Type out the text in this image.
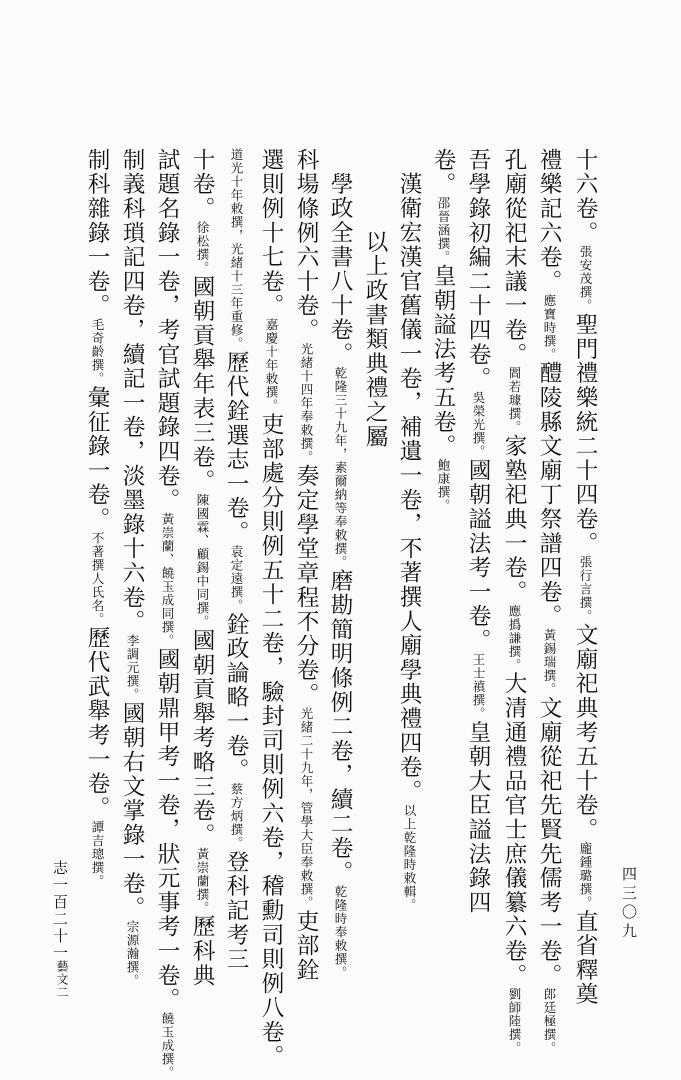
十六卷。張安茂撰。聖門禮樂統二十四卷。張行言撰。文廟祀典考五十卷。龐鍾璐撰。直省釋奠
禮樂記六卷。應寶時撰。醴陵縣文廟丁祭譜四卷。黃錫瑞撰。文廟從祀先賢先儒考一卷。郎廷極撰。
孔廟從祀末議一卷。閻若璩撰。家塾祀典一卷。應撝謙撰。大清通禮品官士庶儀纂六卷。劉師陸撰。
吾學錄初編二十四卷。吳榮光撰。國朝謚法考一卷。王士禛撰。皇朝大臣謚法錄四
卷。邵晉涵撰。皇朝謚法考五卷。鮑康撰。
漢衛宏漢官舊儀一卷，補遺一卷，不著撰人廟學典禮四卷。以上乾隆時敕輯。
以上政書類典禮之屬
學政全書八十卷。乾隆三十九年，素爾納等奉敕撰。磨勘簡明條例二卷，續二卷。乾隆時奉敕撰。
科場條例六十卷。光緒十四年奉敕撰。奏定學堂章程不分卷。光緒二十九年，管學大臣奉敕撰。吏部銓
選則例十七卷。嘉慶十年敕撰。吏部處分則例五十二卷，驗封司則例六卷，稽勳司則例八卷。
道光十年敕撰，光緒十三年重修。歷代銓選志一卷。袁定遠撰。銓政論略一卷。蔡方炳撰。登科記考三
十卷。徐松撰。國朝貢舉年表三卷。陳國霖、顧錫中同撰。國朝貢舉考略三卷。黃崇蘭撰。歷科典
試題名錄一卷，考官試題錄四卷。黃崇蘭、饒玉成同撰。國朝鼎甲考一卷，狀元事考一卷。饒玉成撰。
制義科瑣記四卷，續記一卷，淡墨錄十六卷。李調元撰。國朝右文掌錄一卷。宗源瀚撰。
制科雜錄一卷。毛奇齡撰。彙征錄一卷。不著撰人氏名。歷代武舉考一卷。譚吉璁撰。
四三〇九
志一百二十一
藝文二
